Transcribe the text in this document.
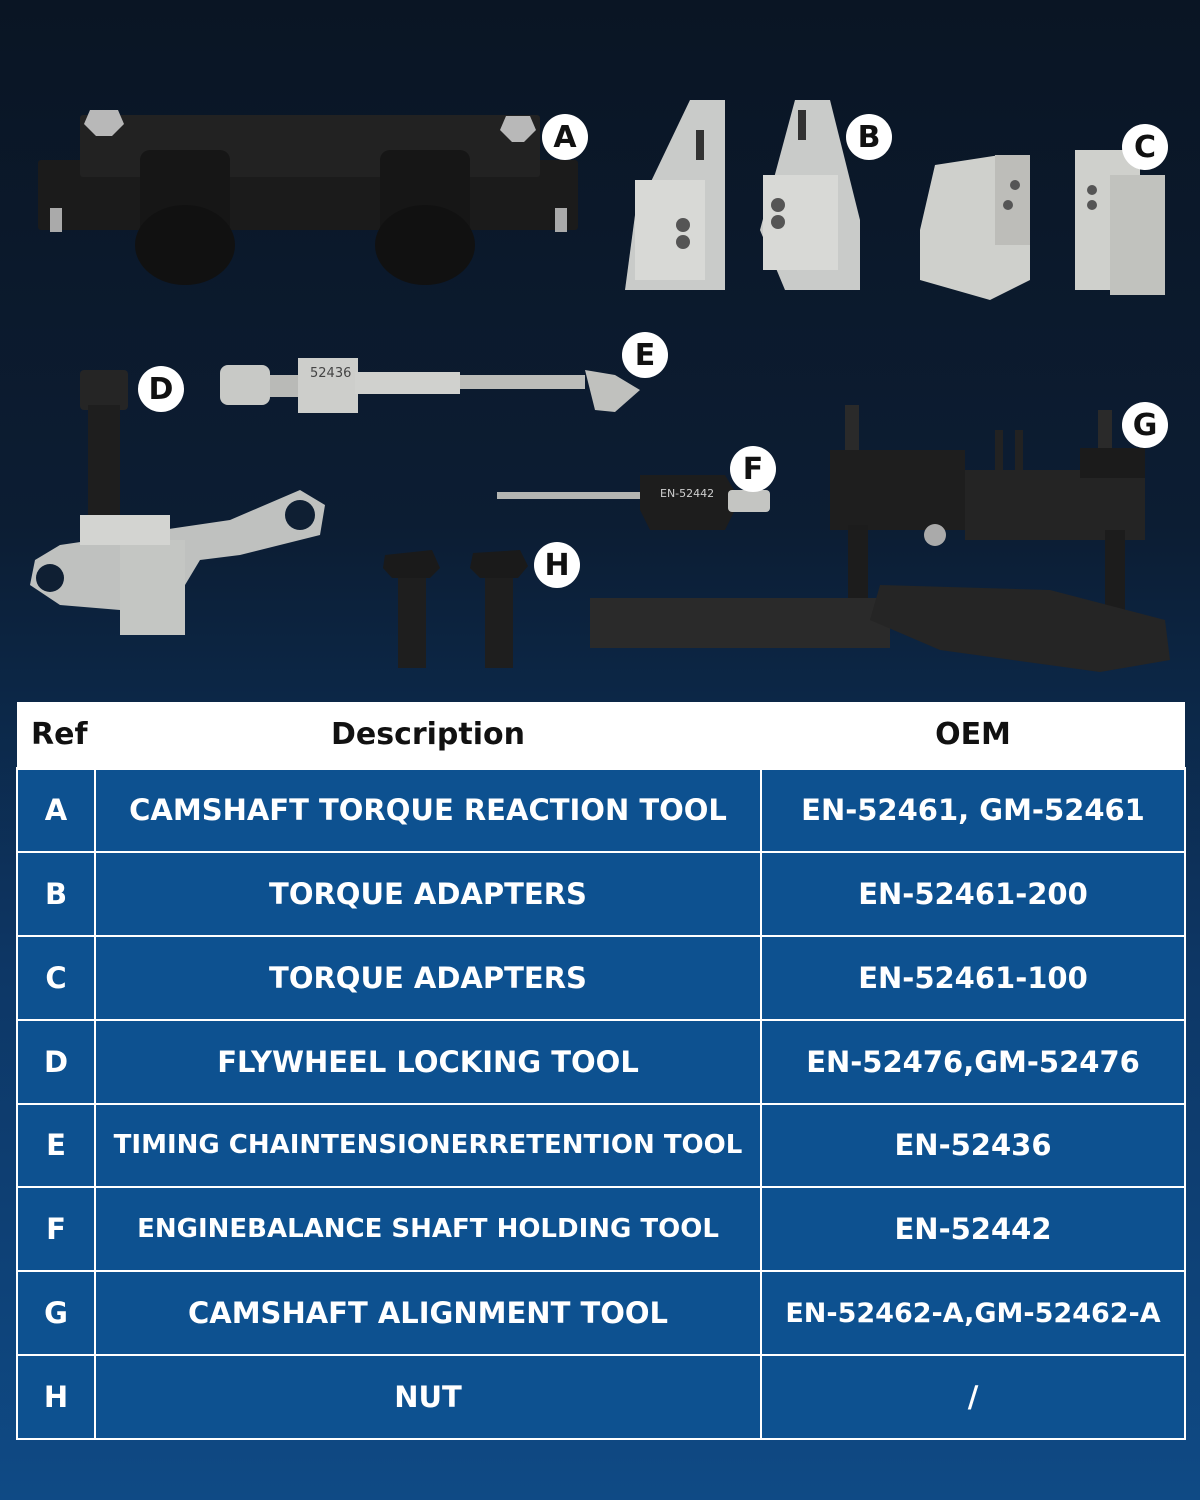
52436
EN-52442
A	B	C
D
E
F
G
H
Ref	Description	OEM
A	CAMSHAFT TORQUE REACTION TOOL	EN-52461, GM-52461
B	TORQUE ADAPTERS	EN-52461-200
C	TORQUE ADAPTERS	EN-52461-100
D	FLYWHEEL LOCKING TOOL	EN-52476,GM-52476
E	TIMING CHAINTENSIONERRETENTION TOOL	EN-52436
F	ENGINEBALANCE SHAFT HOLDING TOOL	EN-52442
G	CAMSHAFT ALIGNMENT TOOL	EN-52462-A,GM-52462-A
H	NUT	/
